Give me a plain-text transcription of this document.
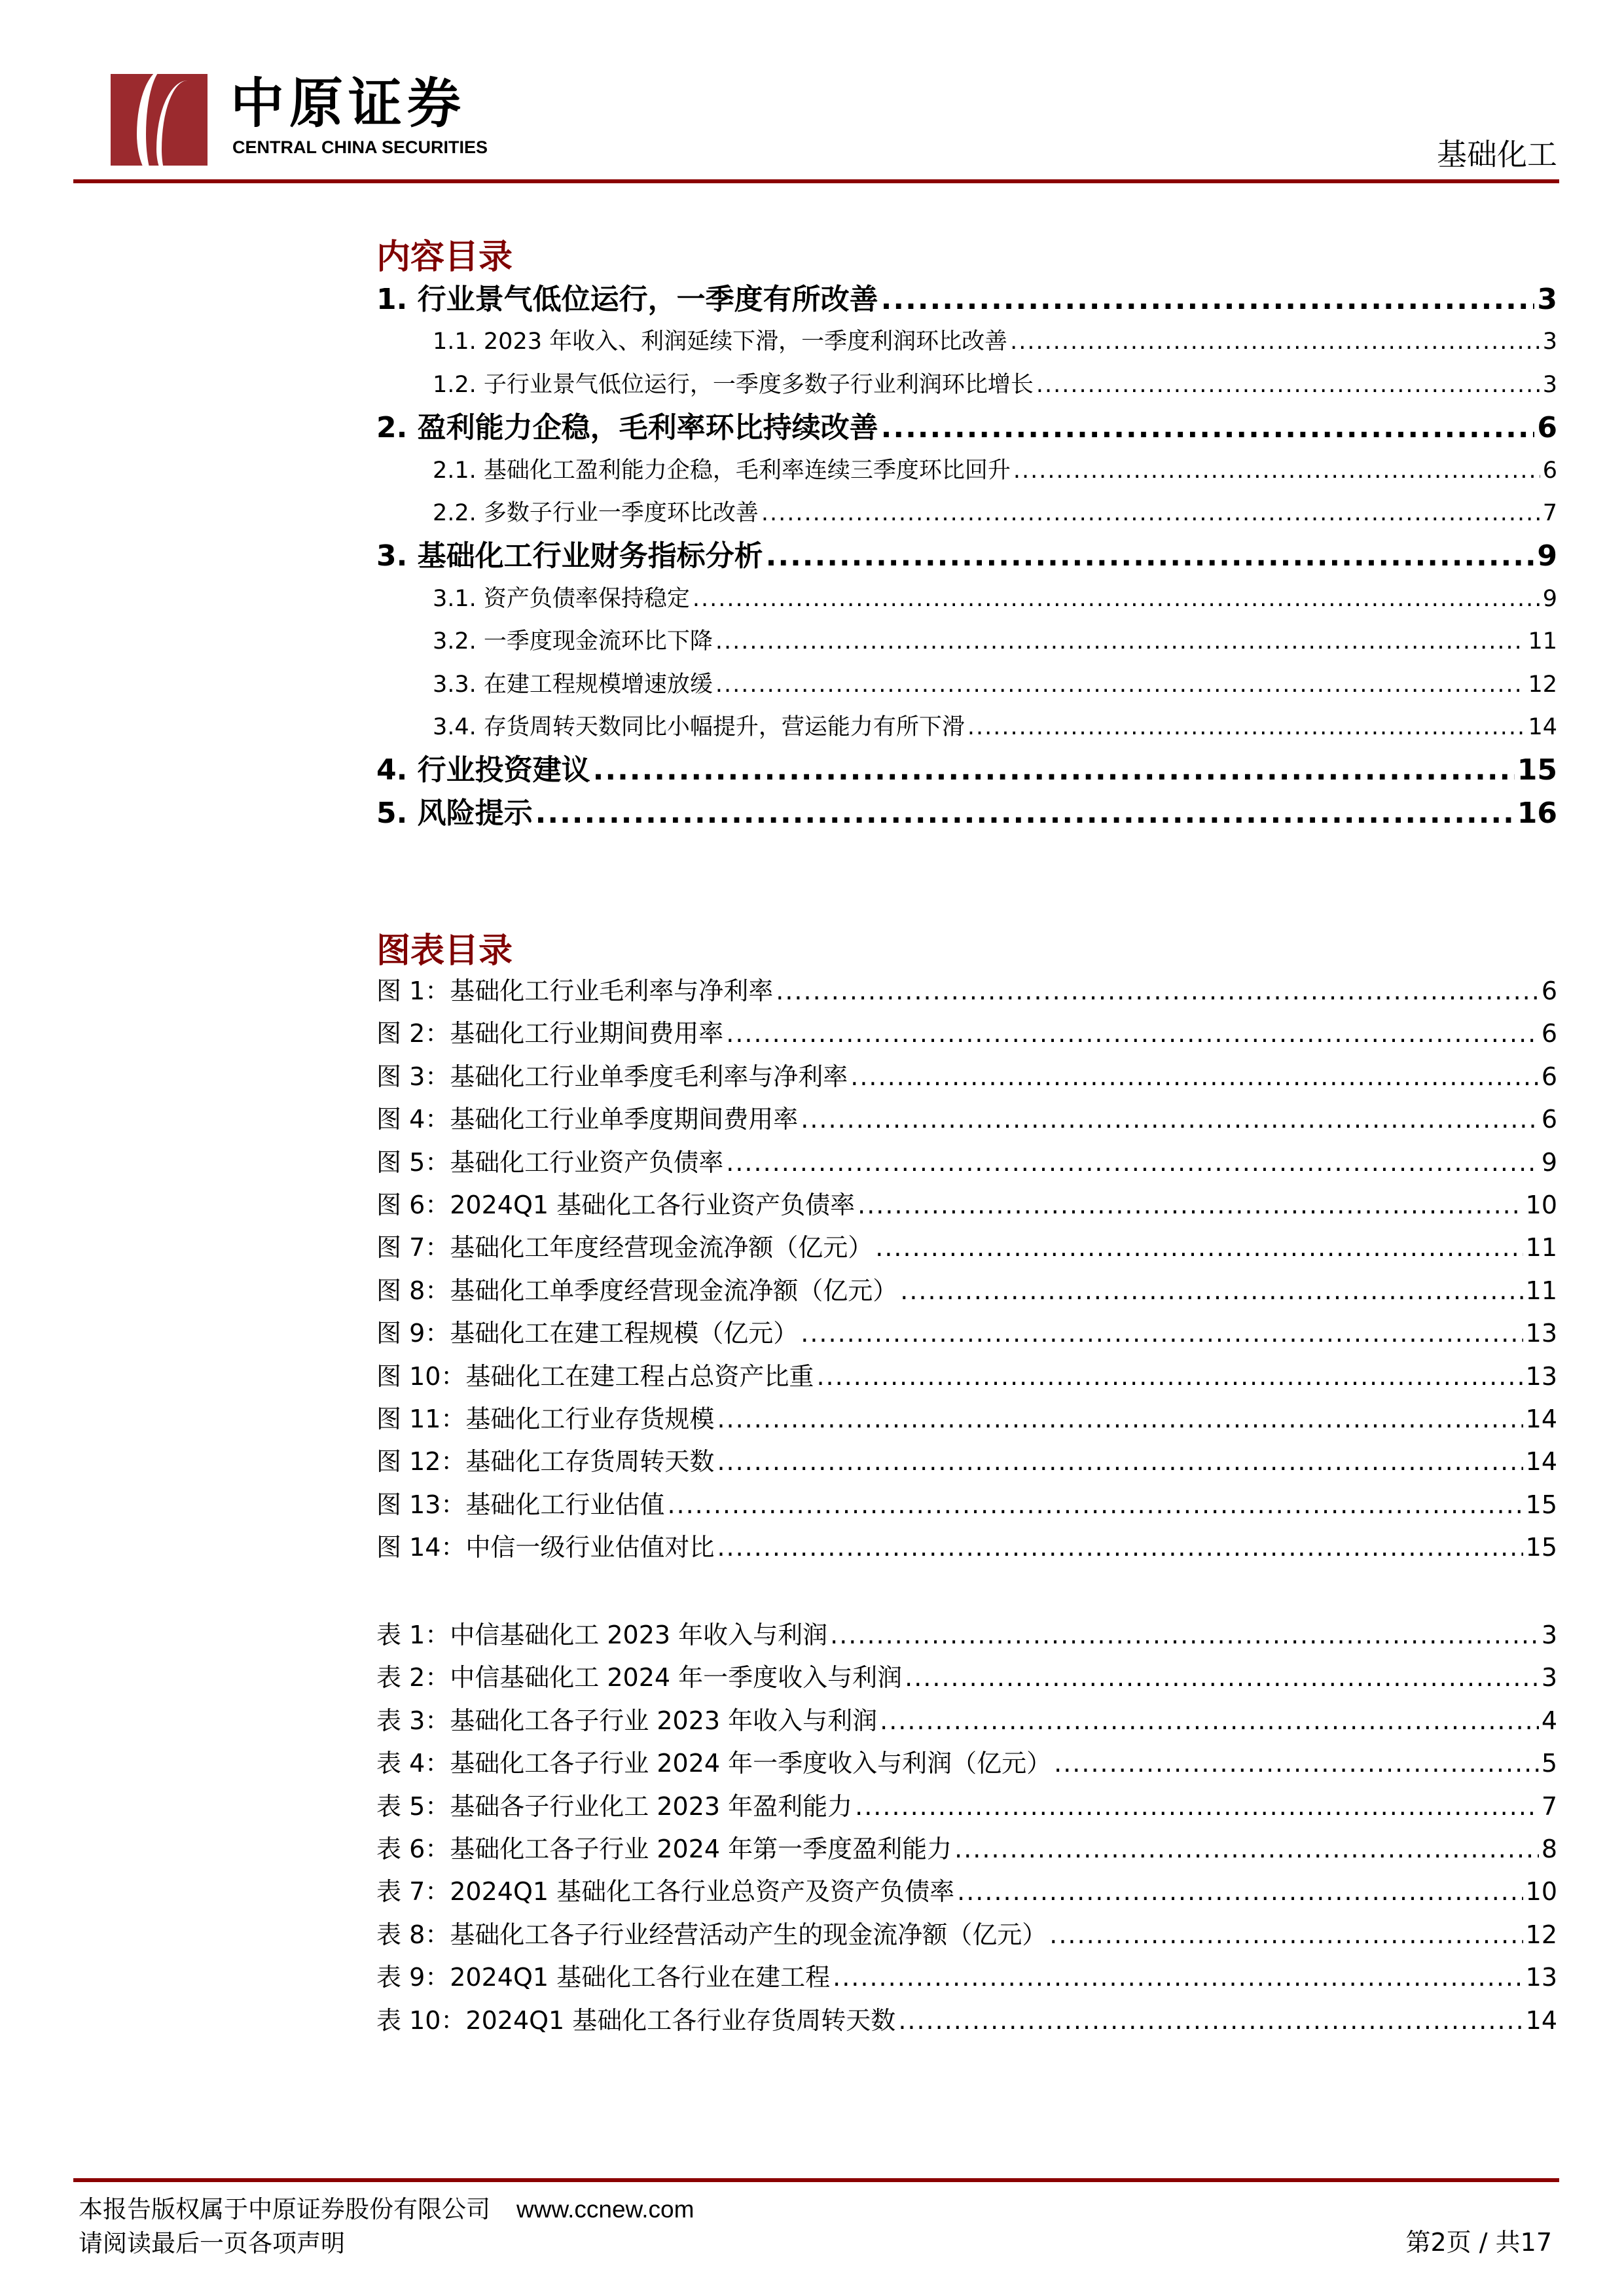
中原证券
CENTRAL CHINA SECURITIES	基础化工
内容目录
1. 行业景气低位运行，一季度有所改善 .....	3
1.1. 2023 年收入、利润延续下滑，一季度利润环比改善 .....	3
1.2. 子行业景气低位运行，一季度多数子行业利润环比增长 .....	3
2. 盈利能力企稳，毛利率环比持续改善 .....	6
2.1. 基础化工盈利能力企稳，毛利率连续三季度环比回升 .....	6
2.2. 多数子行业一季度环比改善 .....	7
3. 基础化工行业财务指标分析 .....	9
3.1. 资产负债率保持稳定 .....	9
3.2. 一季度现金流环比下降 .....	11
3.3. 在建工程规模增速放缓 .....	12
3.4. 存货周转天数同比小幅提升，营运能力有所下滑 .....	14
4. 行业投资建议 .....	15
5. 风险提示 .....	16
图表目录
图 1：基础化工行业毛利率与净利率 .....	6
图 2：基础化工行业期间费用率 .....	6
图 3：基础化工行业单季度毛利率与净利率 .....	6
图 4：基础化工行业单季度期间费用率 .....	6
图 5：基础化工行业资产负债率 .....	9
图 6：2024Q1 基础化工各行业资产负债率 .....	10
图 7：基础化工年度经营现金流净额（亿元） .....	11
图 8：基础化工单季度经营现金流净额（亿元） .....	11
图 9：基础化工在建工程规模（亿元） .....	13
图 10：基础化工在建工程占总资产比重 .....	13
图 11：基础化工行业存货规模 .....	14
图 12：基础化工存货周转天数 .....	14
图 13：基础化工行业估值 .....	15
图 14：中信一级行业估值对比 .....	15
表 1：中信基础化工 2023 年收入与利润 .....	3
表 2：中信基础化工 2024 年一季度收入与利润 .....	3
表 3：基础化工各子行业 2023 年收入与利润 .....	4
表 4：基础化工各子行业 2024 年一季度收入与利润（亿元） .....	5
表 5：基础各子行业化工 2023 年盈利能力 .....	7
表 6：基础化工各子行业 2024 年第一季度盈利能力 .....	8
表 7：2024Q1 基础化工各行业总资产及资产负债率 .....	10
表 8：基础化工各子行业经营活动产生的现金流净额（亿元） .....	12
表 9：2024Q1 基础化工各行业在建工程 .....	13
表 10：2024Q1 基础化工各行业存货周转天数 .....	14
本报告版权属于中原证券股份有限公司 www.ccnew.com
请阅读最后一页各项声明	第2页 / 共17
